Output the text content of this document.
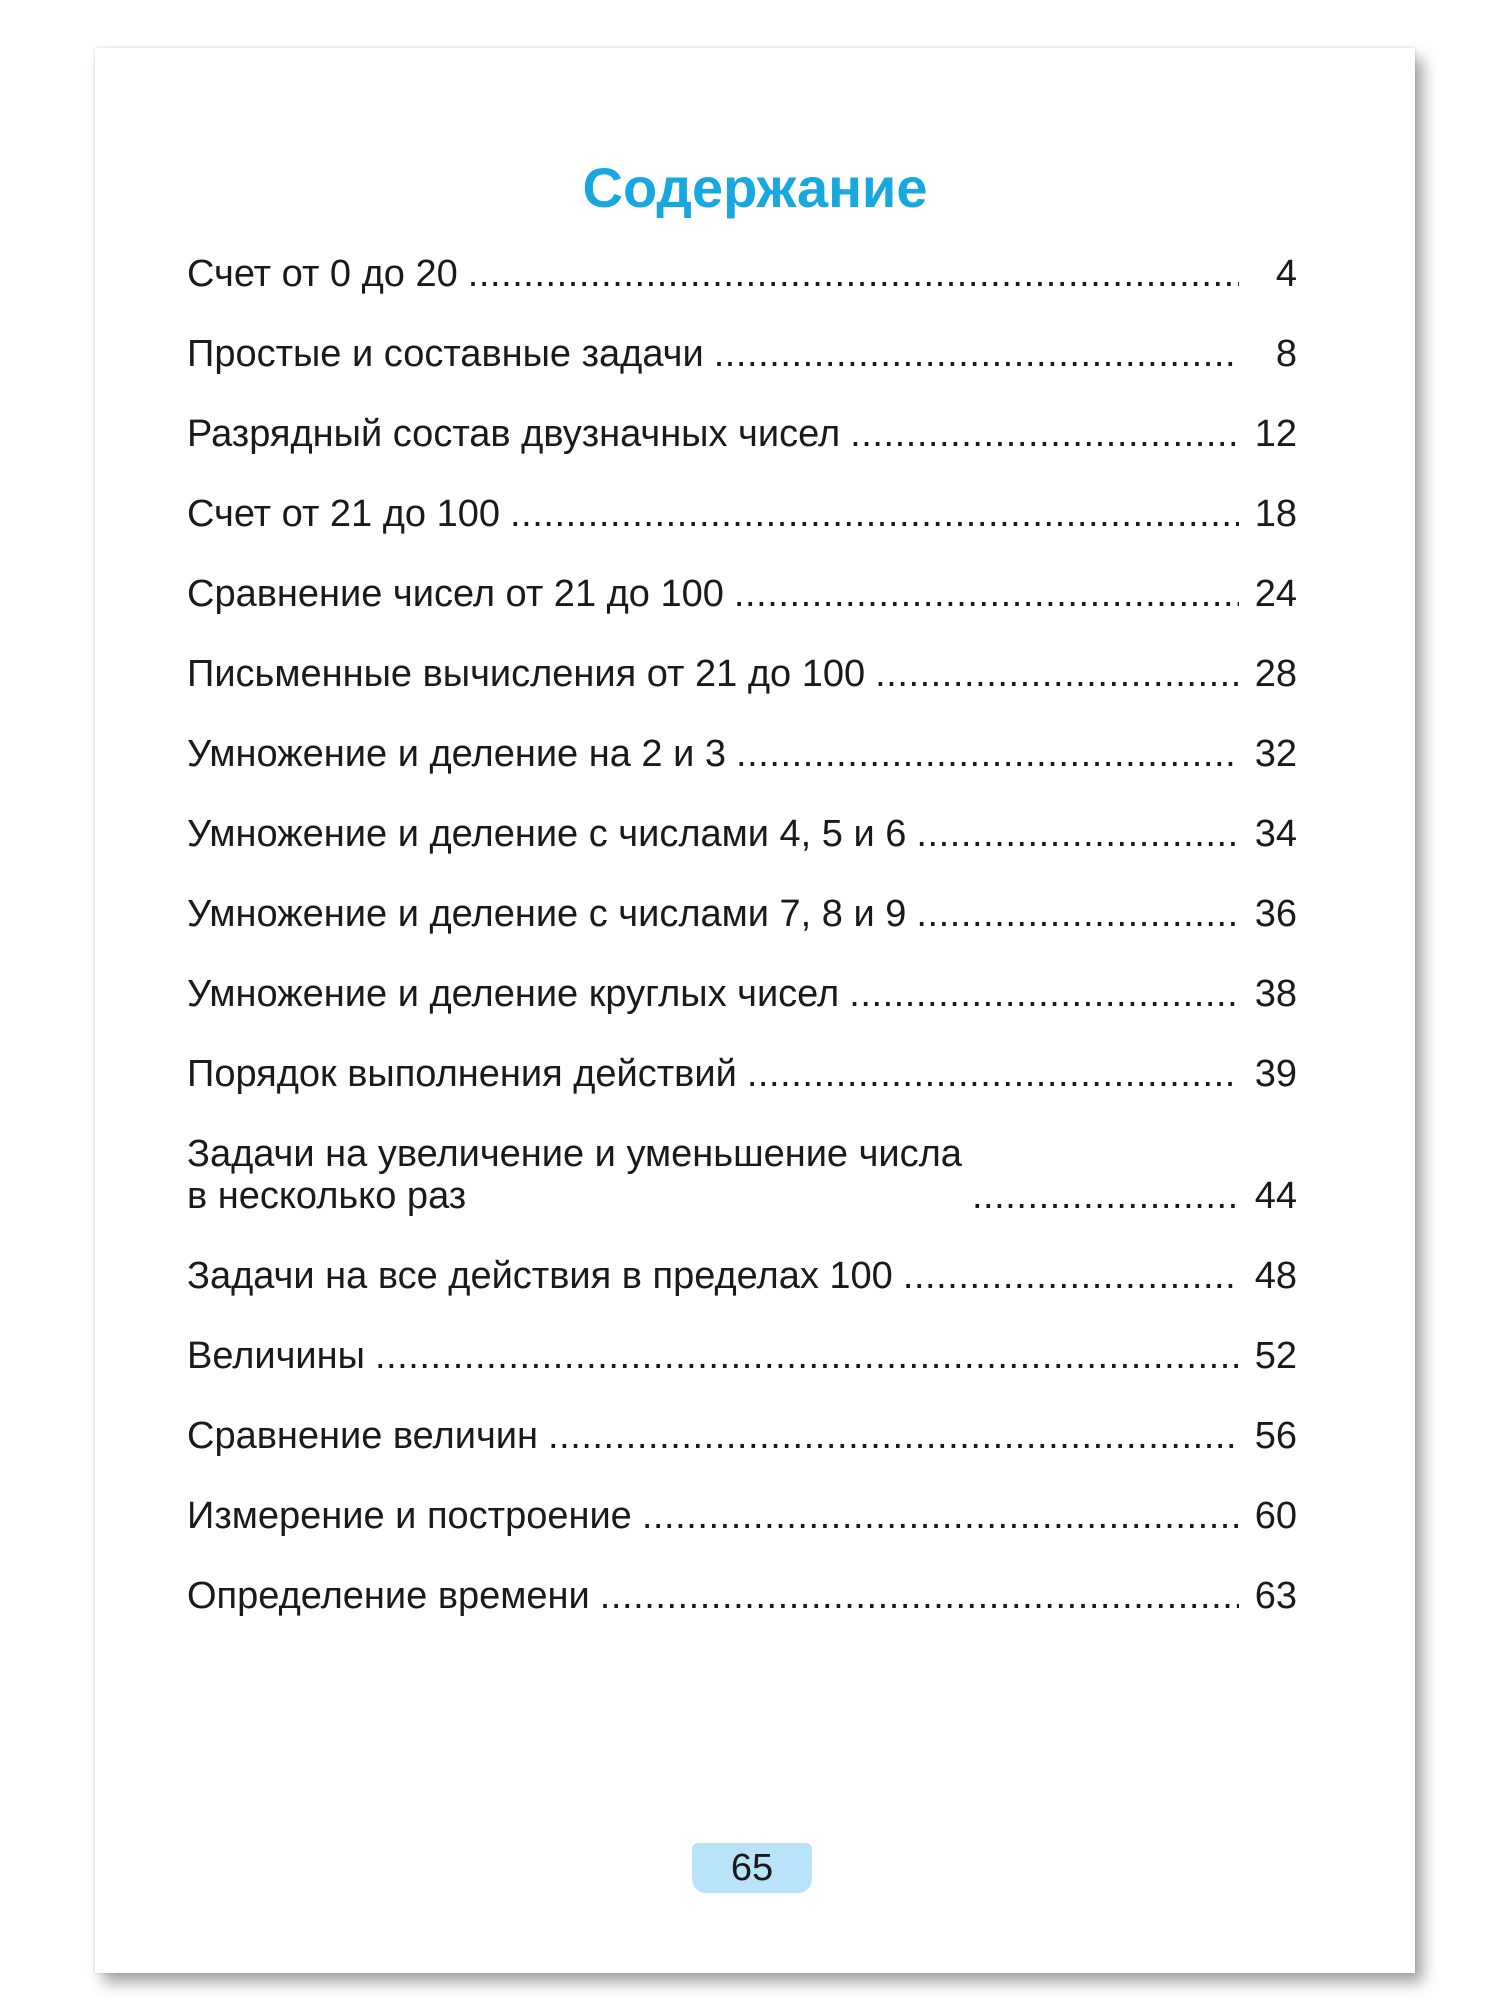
Содержание
Счет от 0 до 20 . . .	4
Простые и составные задачи . . .	8
Разрядный состав двузначных чисел . . .	12
Счет от 21 до 100 . . .	18
Сравнение чисел от 21 до 100 . . .	24
Письменные вычисления от 21 до 100 . . .	28
Умножение и деление на 2 и 3 . . .	32
Умножение и деление с числами 4, 5 и 6 . . .	34
Умножение и деление с числами 7, 8 и 9 . . .	36
Умножение и деление круглых чисел . . .	38
Порядок выполнения действий . . .	39
Задачи на увеличение и уменьшение числа
в несколько раз . . .	44
Задачи на все действия в пределах 100 . . .	48
Величины . . .	52
Сравнение величин . . .	56
Измерение и построение . . .	60
Определение времени . . .	63
65
